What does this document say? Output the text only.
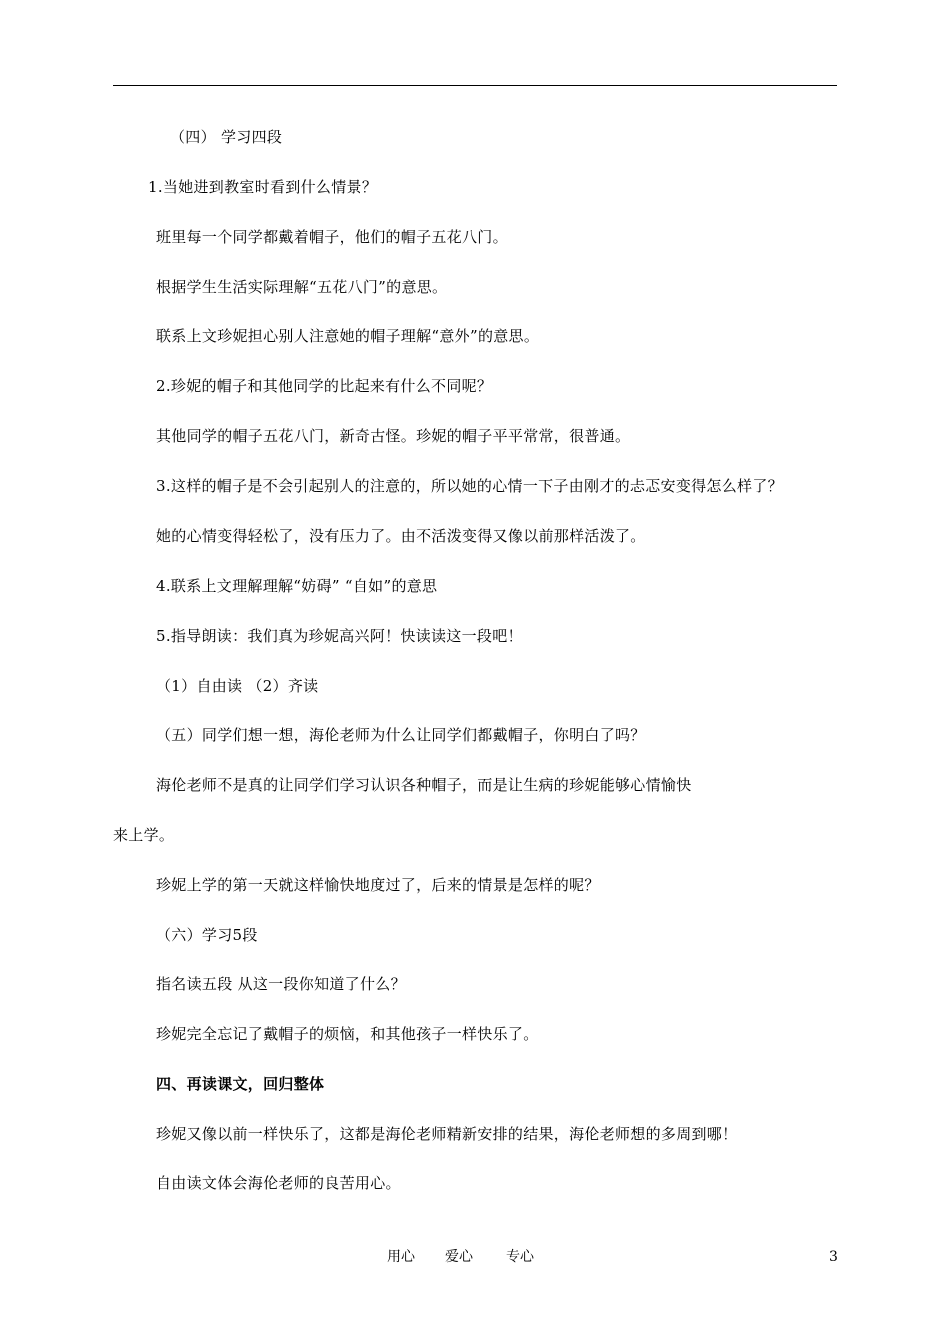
（四） 学习四段
1.当她进到教室时看到什么情景？
班里每一个同学都戴着帽子，他们的帽子五花八门。
根据学生生活实际理解“五花八门”的意思。
联系上文珍妮担心别人注意她的帽子理解“意外”的意思。
2.珍妮的帽子和其他同学的比起来有什么不同呢？
其他同学的帽子五花八门，新奇古怪。珍妮的帽子平平常常，很普通。
3.这样的帽子是不会引起别人的注意的，所以她的心情一下子由刚才的忐忑安变得怎么样了？
她的心情变得轻松了，没有压力了。由不活泼变得又像以前那样活泼了。
4.联系上文理解理解“妨碍” “自如”的意思
5.指导朗读：我们真为珍妮高兴阿！快读读这一段吧！
（1）自由读 （2）齐读
（五）同学们想一想，海伦老师为什么让同学们都戴帽子，你明白了吗？
海伦老师不是真的让同学们学习认识各种帽子，而是让生病的珍妮能够心情愉快
来上学。
珍妮上学的第一天就这样愉快地度过了，后来的情景是怎样的呢？
（六）学习5段
指名读五段 从这一段你知道了什么？
珍妮完全忘记了戴帽子的烦恼，和其他孩子一样快乐了。
四、再读课文，回归整体
珍妮又像以前一样快乐了，这都是海伦老师精新安排的结果，海伦老师想的多周到哪！
自由读文体会海伦老师的良苦用心。
用心 爱心 专心	3
